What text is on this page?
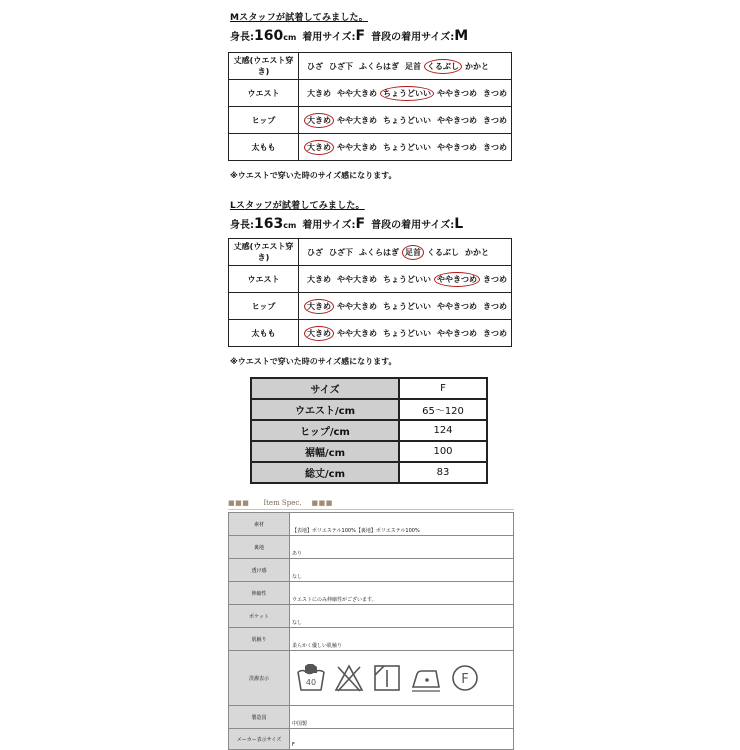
Mスタッフが試着してみました。
身長:160cm 着用サイズ:F 普段の着用サイズ:M
丈感(ウエスト穿き)	ひざ ひざ下 ふくらはぎ 足首 くるぶし かかと
ウエスト	大きめ やや大きめ ちょうどいい ややきつめ きつめ
ヒップ	大きめ やや大きめ ちょうどいい ややきつめ きつめ
太もも	大きめ やや大きめ ちょうどいい ややきつめ きつめ
※ウエストで穿いた時のサイズ感になります。
Lスタッフが試着してみました。
身長:163cm 着用サイズ:F 普段の着用サイズ:L
丈感(ウエスト穿き)	ひざ ひざ下 ふくらはぎ 足首 くるぶし かかと
ウエスト	大きめ やや大きめ ちょうどいい ややきつめ きつめ
ヒップ	大きめ やや大きめ ちょうどいい ややきつめ きつめ
太もも	大きめ やや大きめ ちょうどいい ややきつめ きつめ
※ウエストで穿いた時のサイズ感になります。
サイズ	F
ウエスト/cm	65～120
ヒップ/cm	124
裾幅/cm	100
総丈/cm	83
■■■ Item Spec. ■■■
素材	【表地】ポリエステル100%【裏地】ポリエステル100%
裏地	あり
透け感	なし
伸縮性	ウエストにのみ伸縮性がございます。
ポケット	なし
肌触り	柔らかく優しい肌触り
洗濯表示	40 F

製造国	中国製
メーカー表示サイズ	F
